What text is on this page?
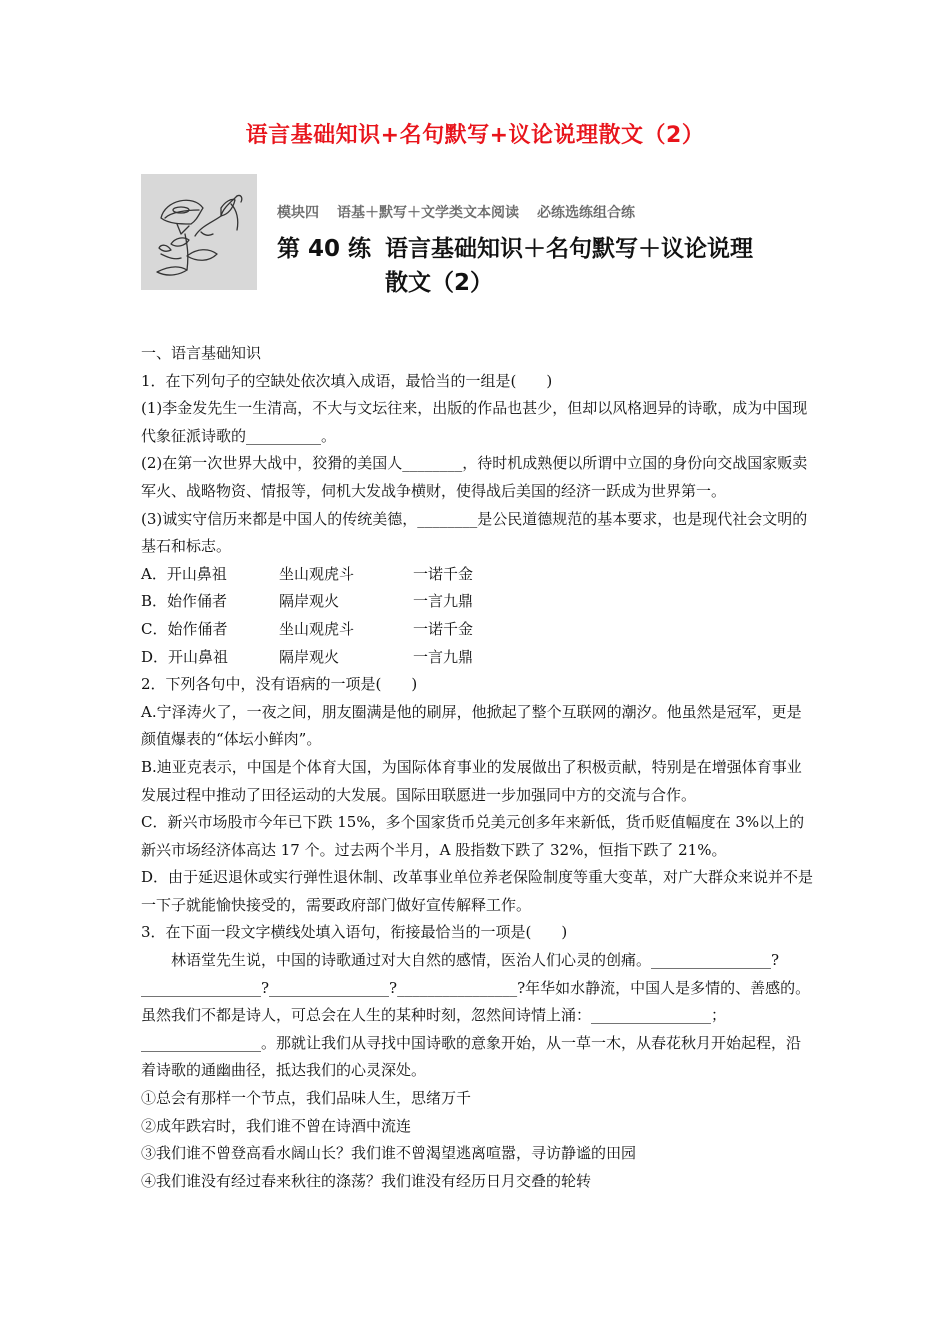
语言基础知识+名句默写+议论说理散文（2）
模块四 语基＋默写＋文学类文本阅读 必练选练组合练
第 40 练 语言基础知识＋名句默写＋议论说理
散文（2）

一、语言基础知识

1．在下列句子的空缺处依次填入成语，最恰当的一组是(　　)

(1)李金发先生一生清高，不大与文坛往来，出版的作品也甚少，但却以风格迥异的诗歌，成为中国现代象征派诗歌的__________。

(2)在第一次世界大战中，狡猾的美国人________，待时机成熟便以所谓中立国的身份向交战国家贩卖军火、战略物资、情报等，伺机大发战争横财，使得战后美国的经济一跃成为世界第一。

(3)诚实守信历来都是中国人的传统美德，________是公民道德规范的基本要求，也是现代社会文明的基石和标志。

A．开山鼻祖	坐山观虎斗	一诺千金
B．始作俑者	隔岸观火	一言九鼎
C．始作俑者	坐山观虎斗	一诺千金
D．开山鼻祖	隔岸观火	一言九鼎

2．下列各句中，没有语病的一项是(　　)

A.宁泽涛火了，一夜之间，朋友圈满是他的刷屏，他掀起了整个互联网的潮汐。他虽然是冠军，更是颜值爆表的“体坛小鲜肉”。

B.迪亚克表示，中国是个体育大国，为国际体育事业的发展做出了积极贡献，特别是在增强体育事业发展过程中推动了田径运动的大发展。国际田联愿进一步加强同中方的交流与合作。

C．新兴市场股市今年已下跌 15%，多个国家货币兑美元创多年来新低，货币贬值幅度在 3%以上的新兴市场经济体高达 17 个。过去两个半月，A 股指数下跌了 32%，恒指下跌了 21%。

D．由于延迟退休或实行弹性退休制、改革事业单位养老保险制度等重大变革，对广大群众来说并不是一下子就能愉快接受的，需要政府部门做好宣传解释工作。

3．在下面一段文字横线处填入语句，衔接最恰当的一项是(　　)

林语堂先生说，中国的诗歌通过对大自然的感情，医治人们心灵的创痛。________________?________________?________________?________________?年华如水静流，中国人是多情的、善感的。虽然我们不都是诗人，可总会在人生的某种时刻，忽然间诗情上涌：________________；________________。那就让我们从寻找中国诗歌的意象开始，从一草一木，从春花秋月开始起程，沿着诗歌的通幽曲径，抵达我们的心灵深处。

①总会有那样一个节点，我们品味人生，思绪万千

②成年跌宕时，我们谁不曾在诗酒中流连

③我们谁不曾登高看水阔山长？我们谁不曾渴望逃离喧嚣，寻访静谧的田园

④我们谁没有经过春来秋往的涤荡？我们谁没有经历日月交叠的轮转
